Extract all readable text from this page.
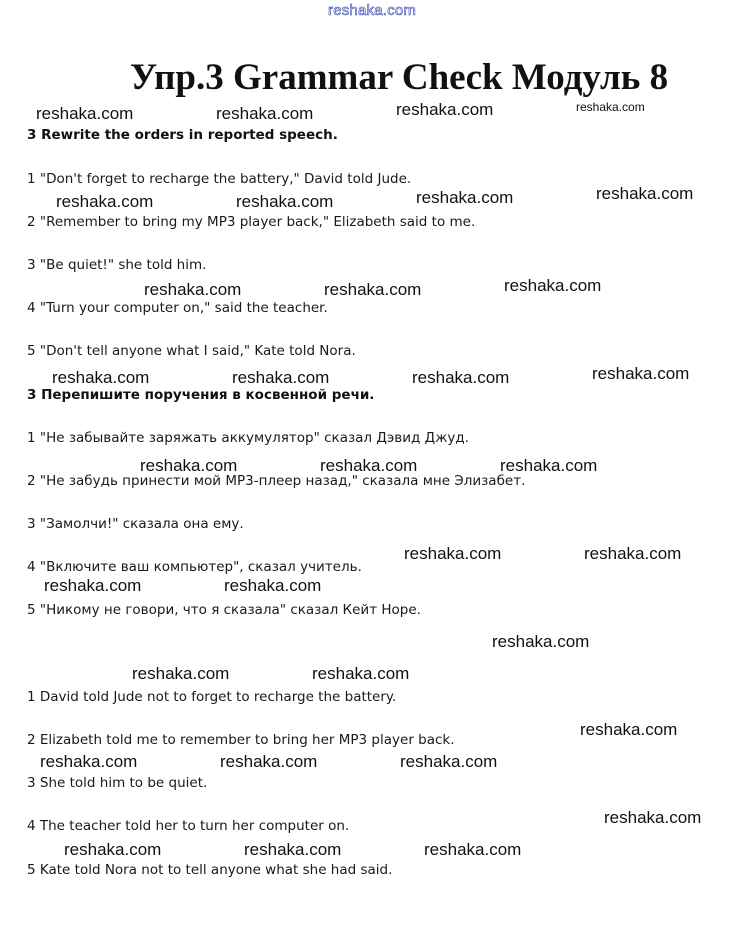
reshaka.com
Упр.3 Grammar Check Модуль 8
3 Rewrite the orders in reported speech.
1 "Don't forget to recharge the battery," David told Jude.
2 "Remember to bring my MP3 player back," Elizabeth said to me.
3 "Be quiet!" she told him.
4 "Turn your computer on," said the teacher.
5 "Don't tell anyone what I said," Kate told Nora.
3 Перепишите поручения в косвенной речи.
1 "Не забывайте заряжать аккумулятор" сказал Дэвид Джуд.
2 "Не забудь принести мой МР3-плеер назад," сказала мне Элизабет.
3 "Замолчи!" сказала она ему.
4 "Включите ваш компьютер", сказал учитель.
5 "Никому не говори, что я сказала" сказал Кейт Норе.
1 David told Jude not to forget to recharge the battery.
2 Elizabeth told me to remember to bring her MP3 player back.
3 She told him to be quiet.
4 The teacher told her to turn her computer on.
5 Kate told Nora not to tell anyone what she had said.
reshaka.com	reshaka.com	reshaka.com	reshaka.com
reshaka.com	reshaka.com	reshaka.com	reshaka.com
reshaka.com	reshaka.com	reshaka.com
reshaka.com	reshaka.com	reshaka.com	reshaka.com
reshaka.com	reshaka.com	reshaka.com
reshaka.com	reshaka.com
reshaka.com	reshaka.com
reshaka.com
reshaka.com	reshaka.com
reshaka.com
reshaka.com	reshaka.com	reshaka.com
reshaka.com
reshaka.com	reshaka.com	reshaka.com
